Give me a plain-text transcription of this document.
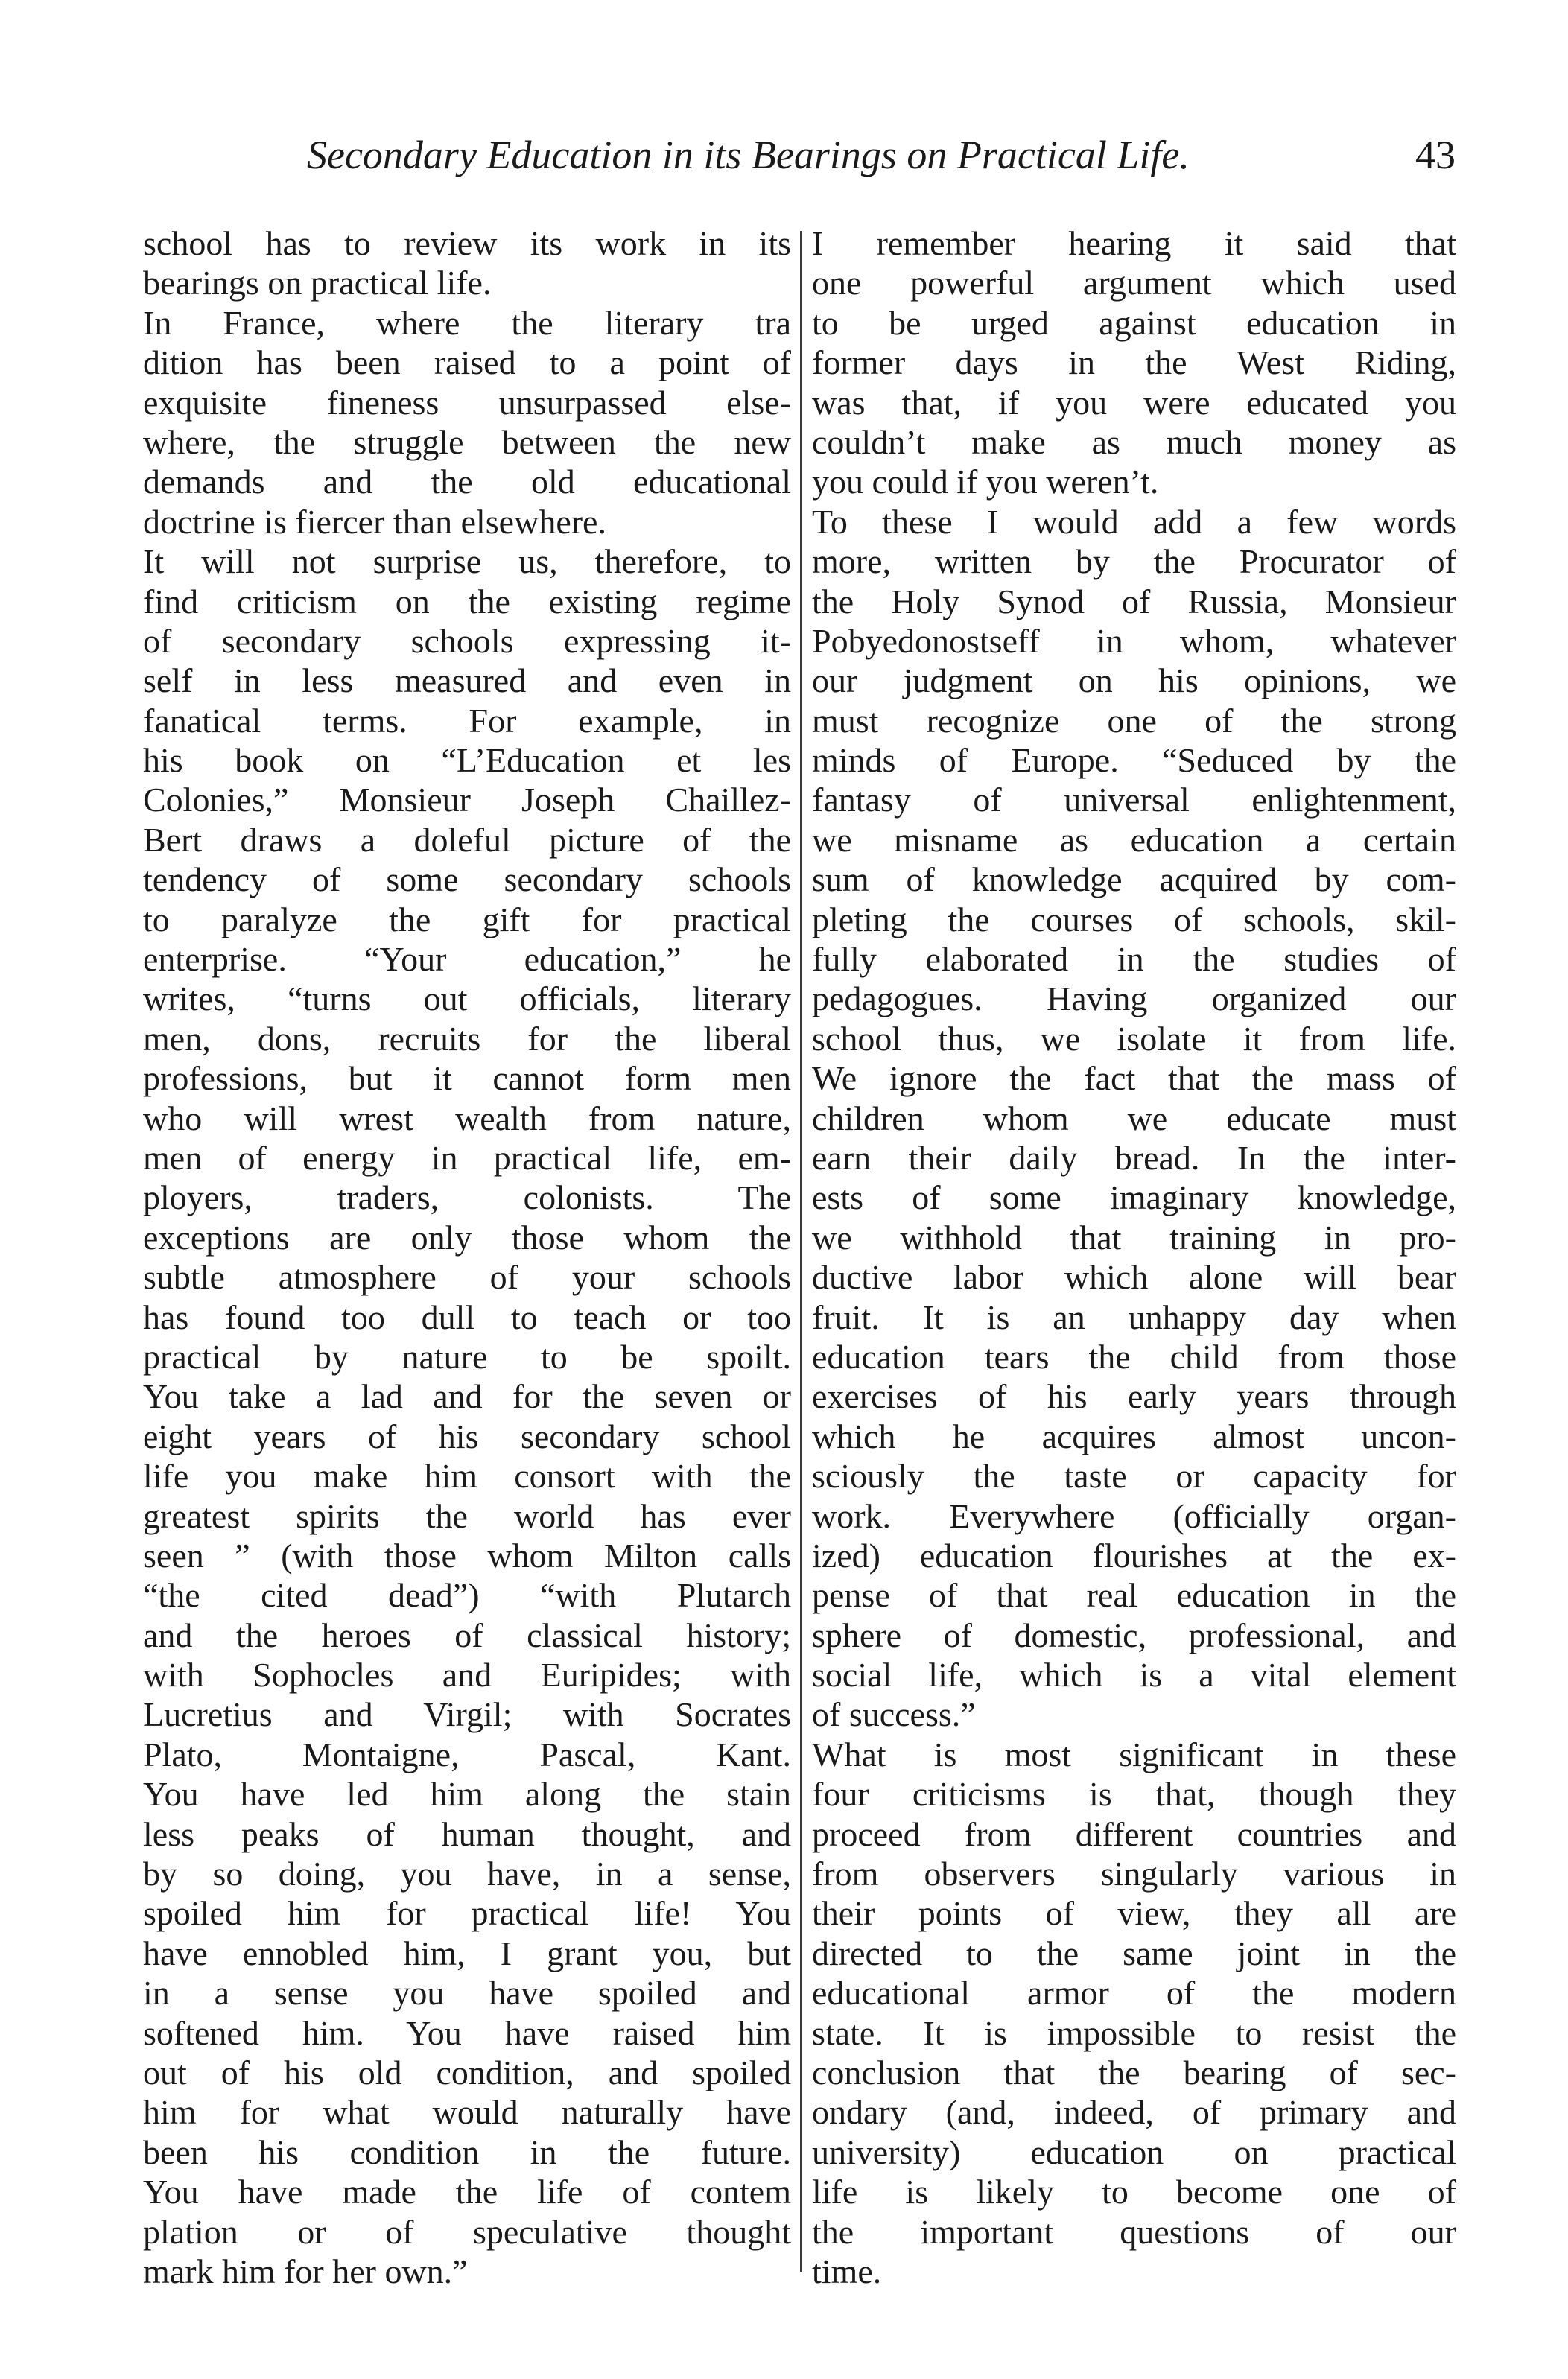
Secondary Education in its Bearings on Practical Life.	43
school has to review its work in its
bearings on practical life.
In France, where the literary tra
dition has been raised to a point of
exquisite fineness unsurpassed else-
where, the struggle between the new
demands and the old educational
doctrine is fiercer than elsewhere.
It will not surprise us, therefore, to
find criticism on the existing regime
of secondary schools expressing it-
self in less measured and even in
fanatical terms. For example, in
his book on “L’Education et les
Colonies,” Monsieur Joseph Chaillez-
Bert draws a doleful picture of the
tendency of some secondary schools
to paralyze the gift for practical
enterprise. “Your education,” he
writes, “turns out officials, literary
men, dons, recruits for the liberal
professions, but it cannot form men
who will wrest wealth from nature,
men of energy in practical life, em-
ployers, traders, colonists. The
exceptions are only those whom the
subtle atmosphere of your schools
has found too dull to teach or too
practical by nature to be spoilt.
You take a lad and for the seven or
eight years of his secondary school
life you make him consort with the
greatest spirits the world has ever
seen ” (with those whom Milton calls
“the cited dead”) “with Plutarch
and the heroes of classical history;
with Sophocles and Euripides; with
Lucretius and Virgil; with Socrates
Plato, Montaigne, Pascal, Kant.
You have led him along the stain
less peaks of human thought, and
by so doing, you have, in a sense,
spoiled him for practical life! You
have ennobled him, I grant you, but
in a sense you have spoiled and
softened him. You have raised him
out of his old condition, and spoiled
him for what would naturally have
been his condition in the future.
You have made the life of contem
plation or of speculative thought
mark him for her own.”
I remember hearing it said that
one powerful argument which used
to be urged against education in
former days in the West Riding,
was that, if you were educated you
couldn’t make as much money as
you could if you weren’t.
To these I would add a few words
more, written by the Procurator of
the Holy Synod of Russia, Monsieur
Pobyedonostseff in whom, whatever
our judgment on his opinions, we
must recognize one of the strong
minds of Europe. “Seduced by the
fantasy of universal enlightenment,
we misname as education a certain
sum of knowledge acquired by com-
pleting the courses of schools, skil-
fully elaborated in the studies of
pedagogues. Having organized our
school thus, we isolate it from life.
We ignore the fact that the mass of
children whom we educate must
earn their daily bread. In the inter-
ests of some imaginary knowledge,
we withhold that training in pro-
ductive labor which alone will bear
fruit. It is an unhappy day when
education tears the child from those
exercises of his early years through
which he acquires almost uncon-
sciously the taste or capacity for
work. Everywhere (officially organ-
ized) education flourishes at the ex-
pense of that real education in the
sphere of domestic, professional, and
social life, which is a vital element
of success.”
What is most significant in these
four criticisms is that, though they
proceed from different countries and
from observers singularly various in
their points of view, they all are
directed to the same joint in the
educational armor of the modern
state. It is impossible to resist the
conclusion that the bearing of sec-
ondary (and, indeed, of primary and
university) education on practical
life is likely to become one of
the important questions of our
time.
